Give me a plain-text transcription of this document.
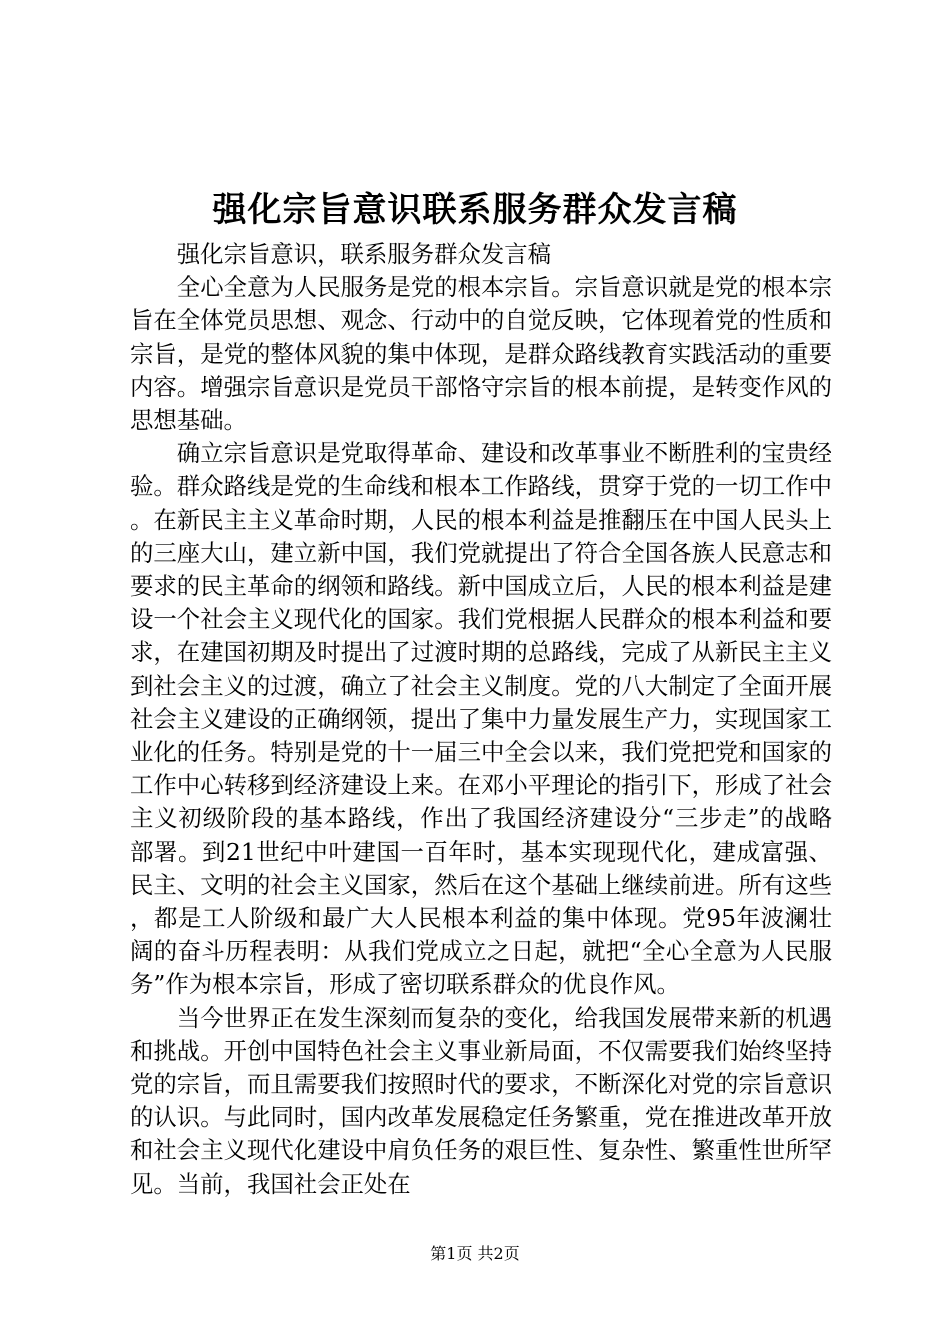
强化宗旨意识联系服务群众发言稿

强化宗旨意识，联系服务群众发言稿

全心全意为人民服务是党的根本宗旨。宗旨意识就是党的根本宗旨在全体党员思想、观念、行动中的自觉反映，它体现着党的性质和宗旨，是党的整体风貌的集中体现，是群众路线教育实践活动的重要内容。增强宗旨意识是党员干部恪守宗旨的根本前提，是转变作风的思想基础。

确立宗旨意识是党取得革命、建设和改革事业不断胜利的宝贵经验。群众路线是党的生命线和根本工作路线，贯穿于党的一切工作中。在新民主主义革命时期，人民的根本利益是推翻压在中国人民头上的三座大山，建立新中国，我们党就提出了符合全国各族人民意志和要求的民主革命的纲领和路线。新中国成立后，人民的根本利益是建设一个社会主义现代化的国家。我们党根据人民群众的根本利益和要求，在建国初期及时提出了过渡时期的总路线，完成了从新民主主义到社会主义的过渡，确立了社会主义制度。党的八大制定了全面开展社会主义建设的正确纲领，提出了集中力量发展生产力，实现国家工业化的任务。特别是党的十一届三中全会以来，我们党把党和国家的工作中心转移到经济建设上来。在邓小平理论的指引下，形成了社会主义初级阶段的基本路线，作出了我国经济建设分“三步走”的战略部署。到21世纪中叶建国一百年时，基本实现现代化，建成富强、民主、文明的社会主义国家，然后在这个基础上继续前进。所有这些，都是工人阶级和最广大人民根本利益的集中体现。党95年波澜壮阔的奋斗历程表明：从我们党成立之日起，就把“全心全意为人民服务”作为根本宗旨，形成了密切联系群众的优良作风。

当今世界正在发生深刻而复杂的变化，给我国发展带来新的机遇和挑战。开创中国特色社会主义事业新局面，不仅需要我们始终坚持党的宗旨，而且需要我们按照时代的要求，不断深化对党的宗旨意识的认识。与此同时，国内改革发展稳定任务繁重，党在推进改革开放和社会主义现代化建设中肩负任务的艰巨性、复杂性、繁重性世所罕见。当前，我国社会正处在

第1页 共2页
